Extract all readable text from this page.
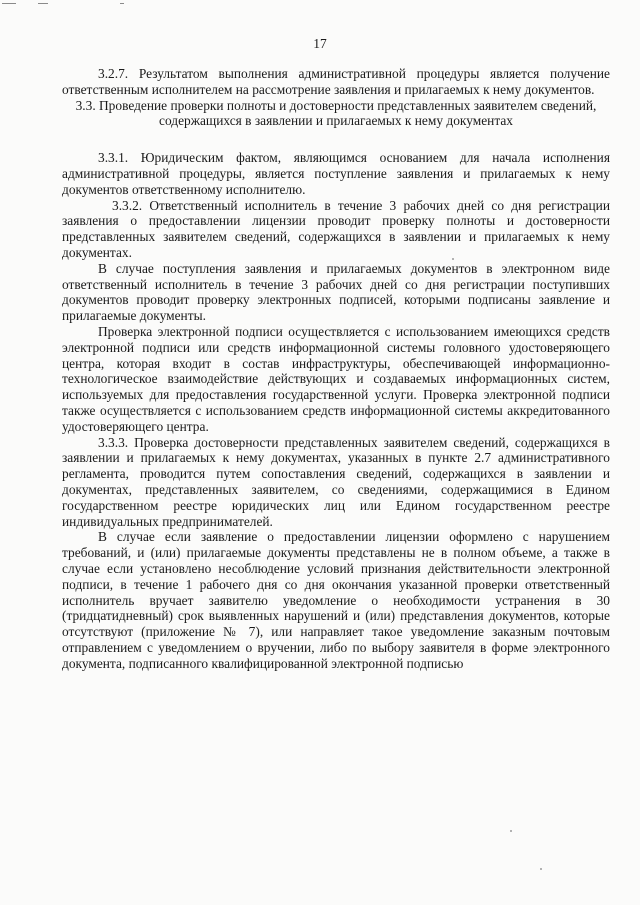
17

3.2.7. Результатом выполнения административной процедуры является получение ответственным исполнителем на рассмотрение заявления и прилагаемых к нему документов.

3.3. Проведение проверки полноты и достоверности представленных заявителем сведений, содержащихся в заявлении и прилагаемых к нему документах

3.3.1. Юридическим фактом, являющимся основанием для начала исполнения административной процедуры, является поступление заявления и прилагаемых к нему документов ответственному исполнителю.

3.3.2. Ответственный исполнитель в течение 3 рабочих дней со дня регистрации заявления о предоставлении лицензии проводит проверку полноты и достоверности представленных заявителем сведений, содержащихся в заявлении и прилагаемых к нему документах.

В случае поступления заявления и прилагаемых документов в электронном виде ответственный исполнитель в течение 3 рабочих дней со дня регистрации поступивших документов проводит проверку электронных подписей, которыми подписаны заявление и прилагаемые документы.

Проверка электронной подписи осуществляется с использованием имеющихся средств электронной подписи или средств информационной системы головного удостоверяющего центра, которая входит в состав инфраструктуры, обеспечивающей информационно-технологическое взаимодействие действующих и создаваемых информационных систем, используемых для предоставления государственной услуги. Проверка электронной подписи также осуществляется с использованием средств информационной системы аккредитованного удостоверяющего центра.

3.3.3. Проверка достоверности представленных заявителем сведений, содержащихся в заявлении и прилагаемых к нему документах, указанных в пункте 2.7 административного регламента, проводится путем сопоставления сведений, содержащихся в заявлении и документах, представленных заявителем, со сведениями, содержащимися в Едином государственном реестре юридических лиц или Едином государственном реестре индивидуальных предпринимателей.

В случае если заявление о предоставлении лицензии оформлено с нарушением требований, и (или) прилагаемые документы представлены не в полном объеме, а также в случае если установлено несоблюдение условий признания действительности электронной подписи, в течение 1 рабочего дня со дня окончания указанной проверки ответственный исполнитель вручает заявителю уведомление о необходимости устранения в 30 (тридцатидневный) срок выявленных нарушений и (или) представления документов, которые отсутствуют (приложение № 7), или направляет такое уведомление заказным почтовым отправлением с уведомлением о вручении, либо по выбору заявителя в форме электронного документа, подписанного квалифицированной электронной подписью
